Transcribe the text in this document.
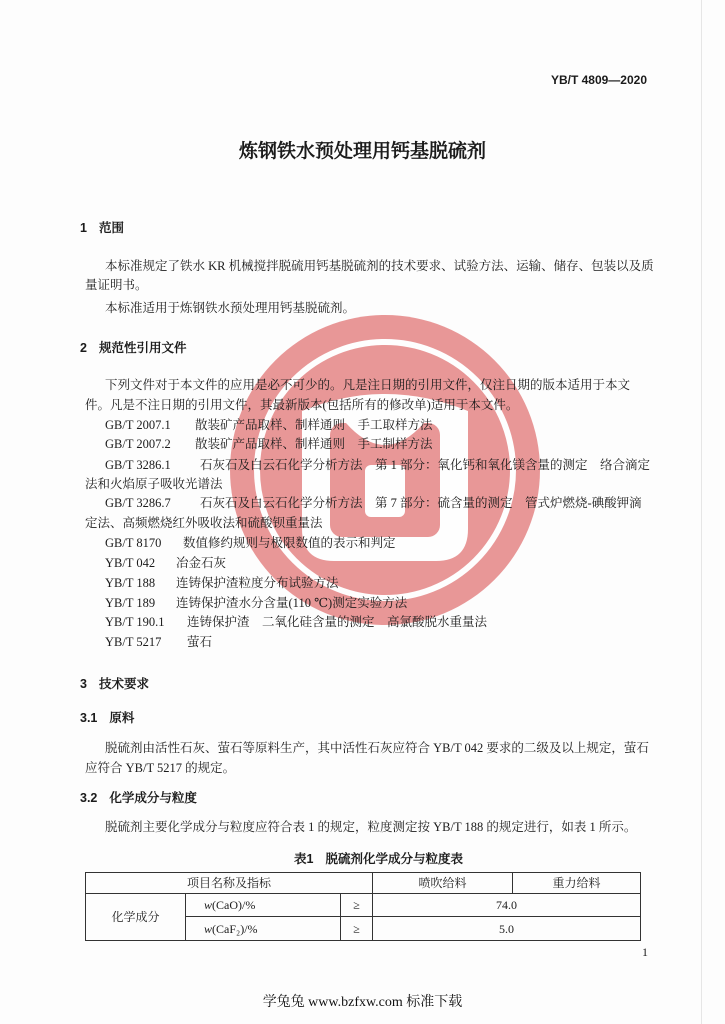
YB/T 4809—2020
炼钢铁水预处理用钙基脱硫剂
1 范围
本标准规定了铁水 KR 机械搅拌脱硫用钙基脱硫剂的技术要求、试验方法、运输、储存、包装以及质
量证明书。
本标准适用于炼钢铁水预处理用钙基脱硫剂。
2 规范性引用文件
下列文件对于本文件的应用是必不可少的。凡是注日期的引用文件，仅注日期的版本适用于本文
件。凡是不注日期的引用文件，其最新版本(包括所有的修改单)适用于本文件。
GB/T 2007.1 散装矿产品取样、制样通则　手工取样方法
GB/T 2007.2 散装矿产品取样、制样通则　手工制样方法
GB/T 3286.1 石灰石及白云石化学分析方法　第 1 部分：氧化钙和氧化镁含量的测定　络合滴定
法和火焰原子吸收光谱法
GB/T 3286.7 石灰石及白云石化学分析方法　第 7 部分：硫含量的测定　管式炉燃烧-碘酸钾滴
定法、高频燃烧红外吸收法和硫酸钡重量法
GB/T 8170 数值修约规则与极限数值的表示和判定
YB/T 042 冶金石灰
YB/T 188 连铸保护渣粒度分布试验方法
YB/T 189 连铸保护渣水分含量(110 ℃)测定实验方法
YB/T 190.1 连铸保护渣　二氧化硅含量的测定　高氯酸脱水重量法
YB/T 5217 萤石
3 技术要求
3.1 原料
脱硫剂由活性石灰、萤石等原料生产，其中活性石灰应符合 YB/T 042 要求的二级及以上规定，萤石
应符合 YB/T 5217 的规定。
3.2 化学成分与粒度
脱硫剂主要化学成分与粒度应符合表 1 的规定，粒度测定按 YB/T 188 的规定进行，如表 1 所示。
表1 脱硫剂化学成分与粒度表
项目名称及指标			喷吹给料	重力给料
化学成分	w(CaO)/%	≥	74.0	
	w(CaF₂)/%	≥	5.0	
1
学兔兔 www.bzfxw.com 标准下载
